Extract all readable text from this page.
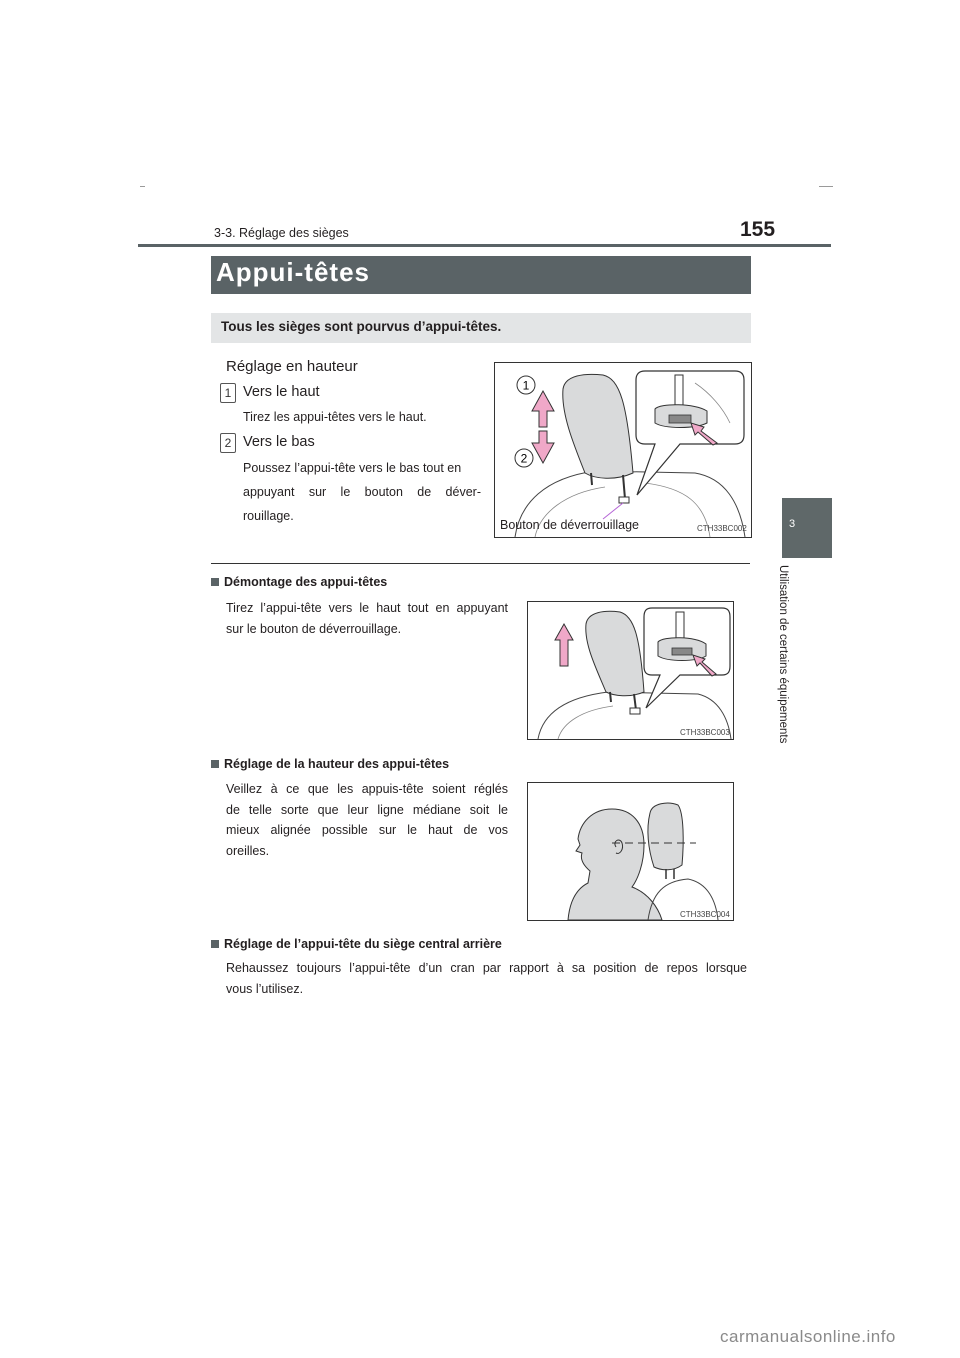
3-3. Réglage des sièges	155
3
Utilisation de certains équipements
Appui-têtes
Tous les sièges sont pourvus d’appui-têtes.
Réglage en hauteur
1 Vers le haut
Tirez les appui-têtes vers le haut.
2 Vers le bas
Poussez l’appui-tête vers le bas tout en
appuyant sur le bouton de déver-
rouillage.
1
2
Bouton de déverrouillage	CTH33BC002
Démontage des appui-têtes
Tirez l’appui-tête vers le haut tout en appuyant
sur le bouton de déverrouillage.
CTH33BC003
Réglage de la hauteur des appui-têtes
Veillez à ce que les appuis-tête soient réglés
de telle sorte que leur ligne médiane soit le
mieux alignée possible sur le haut de vos
oreilles.
CTH33BC004
Réglage de l’appui-tête du siège central arrière
Rehaussez toujours l’appui-tête d’un cran par rapport à sa position de repos lorsque
vous l’utilisez.
carmanualsonline.info
